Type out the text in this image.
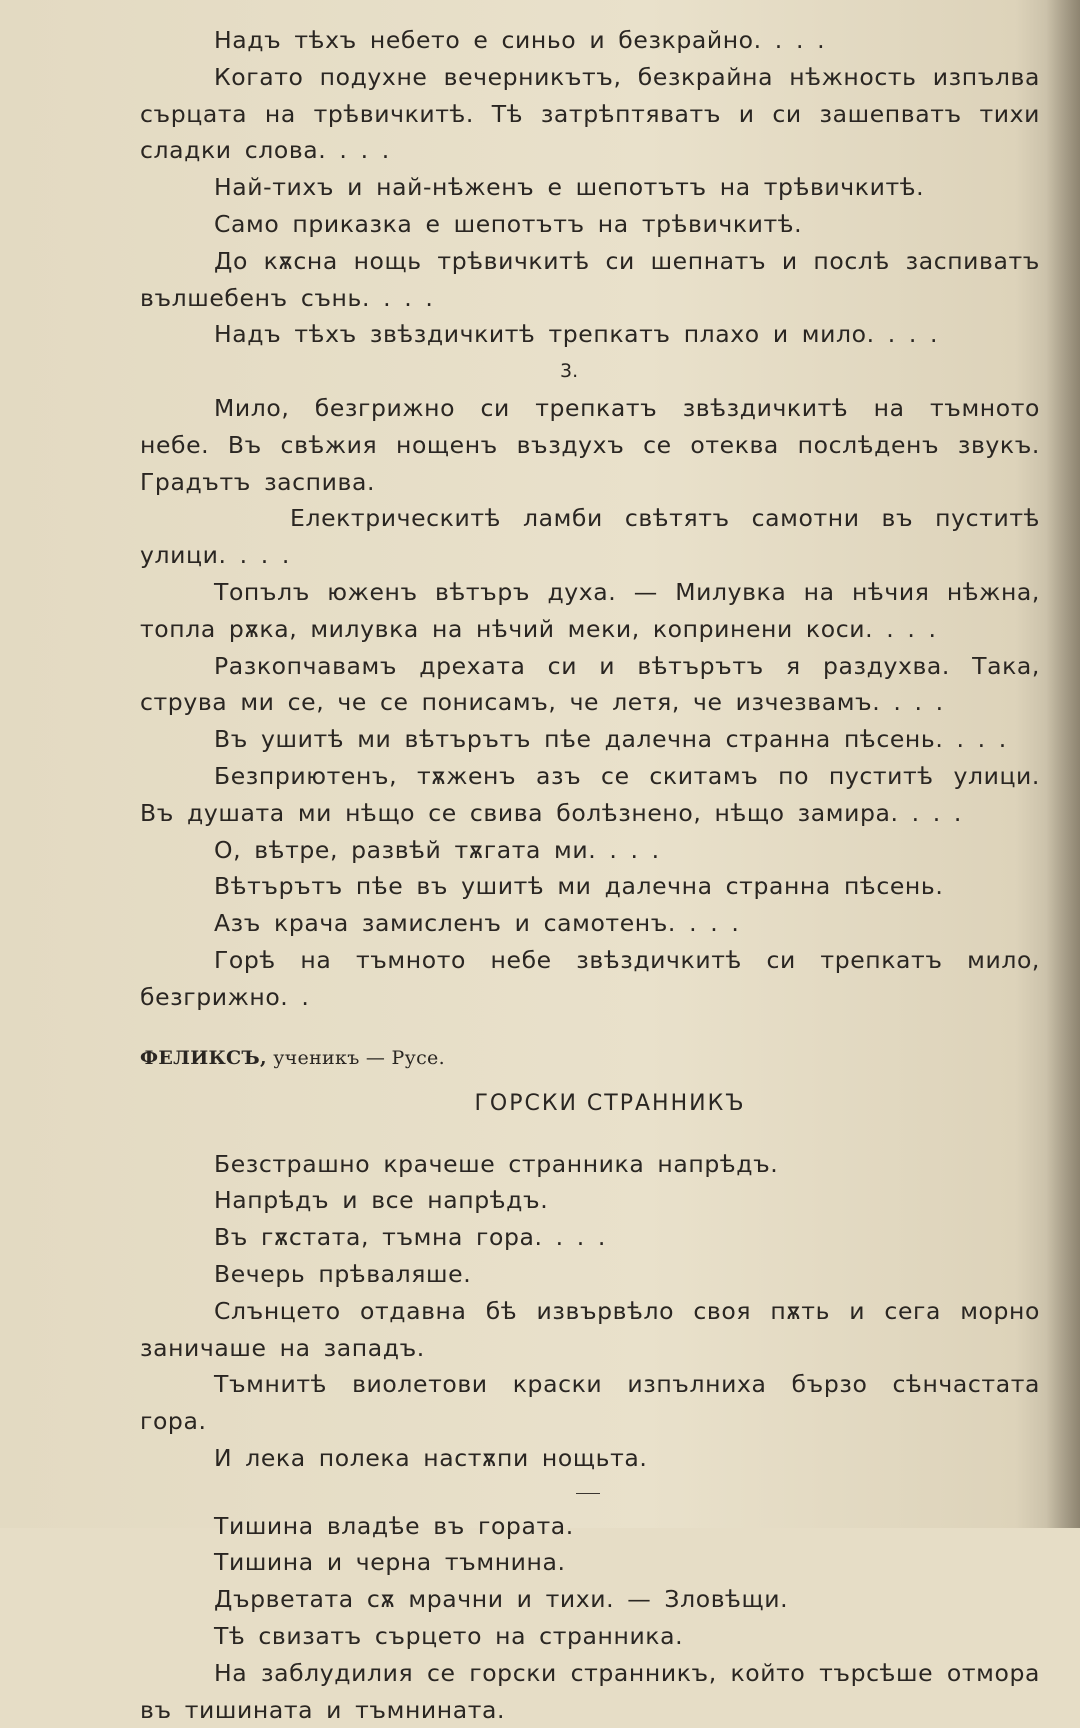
Надъ тѣхъ небето е синьо и безкрайно. . . .

Когато подухне вечерникътъ, безкрайна нѣжность изпълва сърцата на трѣвичкитѣ. Тѣ затрѣптяватъ и си зашепватъ тихи сладки слова. . . .

Най-тихъ и най-нѣженъ е шепотътъ на трѣвичкитѣ.

Само приказка е шепотътъ на трѣвичкитѣ.

До кѫсна нощь трѣвичкитѣ си шепнатъ и послѣ заспиватъ вълшебенъ сънь. . . .

Надъ тѣхъ звѣздичкитѣ трепкатъ плахо и мило. . . .

3.

Мило, безгрижно си трепкатъ звѣздичкитѣ на тъмното небе. Въ свѣжия нощенъ въздухъ се отеква послѣденъ звукъ. Градътъ заспива.

Електрическитѣ ламби свѣтятъ самотни въ пуститѣ улици. . . .

Топълъ юженъ вѣтъръ духа. — Милувка на нѣчия нѣжна, топла рѫка, милувка на нѣчий меки, копринени коси. . . .

Разкопчавамъ дрехата си и вѣтърътъ я раздухва. Така, струва ми се, че се понисамъ, че летя, че изчезвамъ. . . .

Въ ушитѣ ми вѣтърътъ пѣе далечна странна пѣсень. . . .

Безприютенъ, тѫженъ азъ се скитамъ по пуститѣ улици. Въ душата ми нѣщо се свива болѣзнено, нѣщо замира. . . .

О, вѣтре, развѣй тѫгата ми. . . .

Вѣтърътъ пѣе въ ушитѣ ми далечна странна пѣсень.

Азъ крача замисленъ и самотенъ. . . .

Горѣ на тъмното небе звѣздичкитѣ си трепкатъ мило, безгрижно. .

ФЕЛИКСЪ, ученикъ — Русе.

ГОРСКИ СТРАННИКЪ

Безстрашно крачеше странника напрѣдъ.

Напрѣдъ и все напрѣдъ.

Въ гѫстата, тъмна гора. . . .

Вечерь прѣваляше.

Слънцето отдавна бѣ извървѣло своя пѫть и сега морно заничаше на западъ.

Тъмнитѣ виолетови краски изпълниха бързо сѣнчастата гора.

И лека полека настѫпи нощьта.

Тишина владѣе въ гората.

Тишина и черна тъмнина.

Дърветата сѫ мрачни и тихи. — Зловѣщи.

Тѣ свизатъ сърцето на странника.

На заблудилия се горски странникъ, който търсѣше отмора въ тишината и тъмнината.
